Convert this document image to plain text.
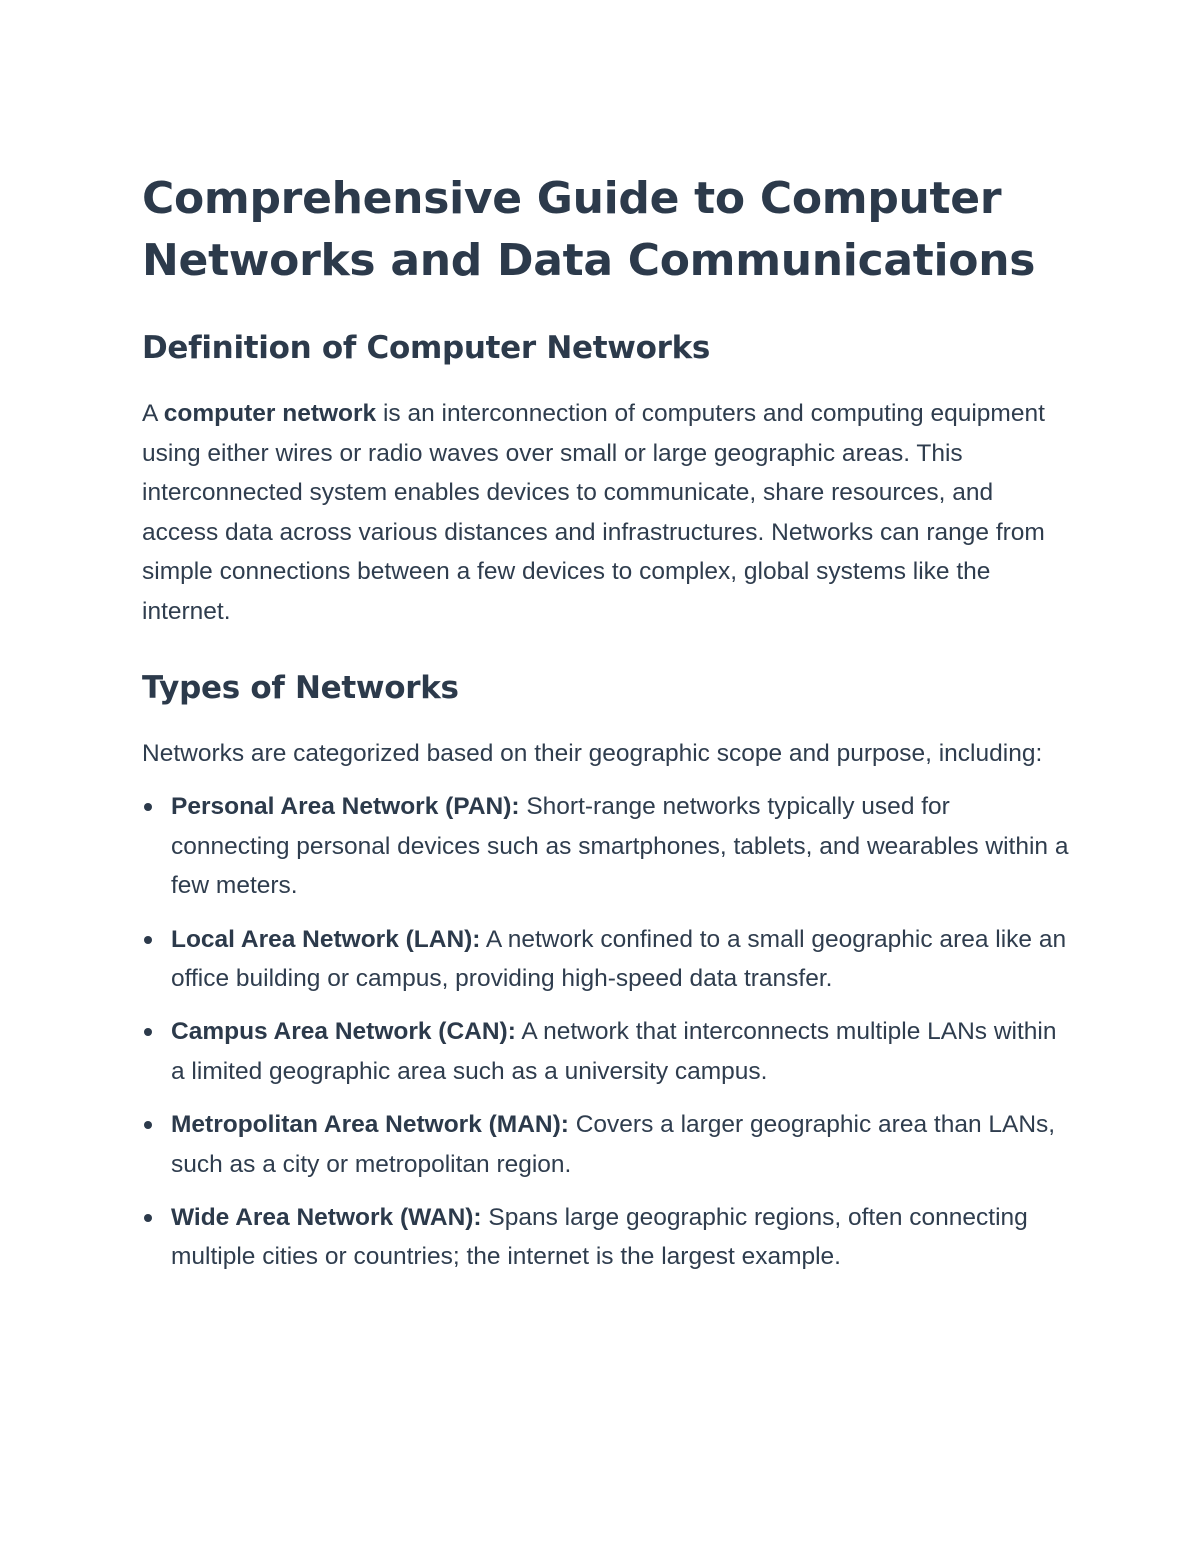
Comprehensive Guide to Computer Networks and Data Communications
Definition of Computer Networks

A computer network is an interconnection of computers and computing equipment using either wires or radio waves over small or large geographic areas. This interconnected system enables devices to communicate, share resources, and access data across various distances and infrastructures. Networks can range from simple connections between a few devices to complex, global systems like the internet.

Types of Networks

Networks are categorized based on their geographic scope and purpose, including:

Personal Area Network (PAN): Short-range networks typically used for connecting personal devices such as smartphones, tablets, and wearables within a few meters.
Local Area Network (LAN): A network confined to a small geographic area like an office building or campus, providing high-speed data transfer.
Campus Area Network (CAN): A network that interconnects multiple LANs within a limited geographic area such as a university campus.
Metropolitan Area Network (MAN): Covers a larger geographic area than LANs, such as a city or metropolitan region.
Wide Area Network (WAN): Spans large geographic regions, often connecting multiple cities or countries; the internet is the largest example.
